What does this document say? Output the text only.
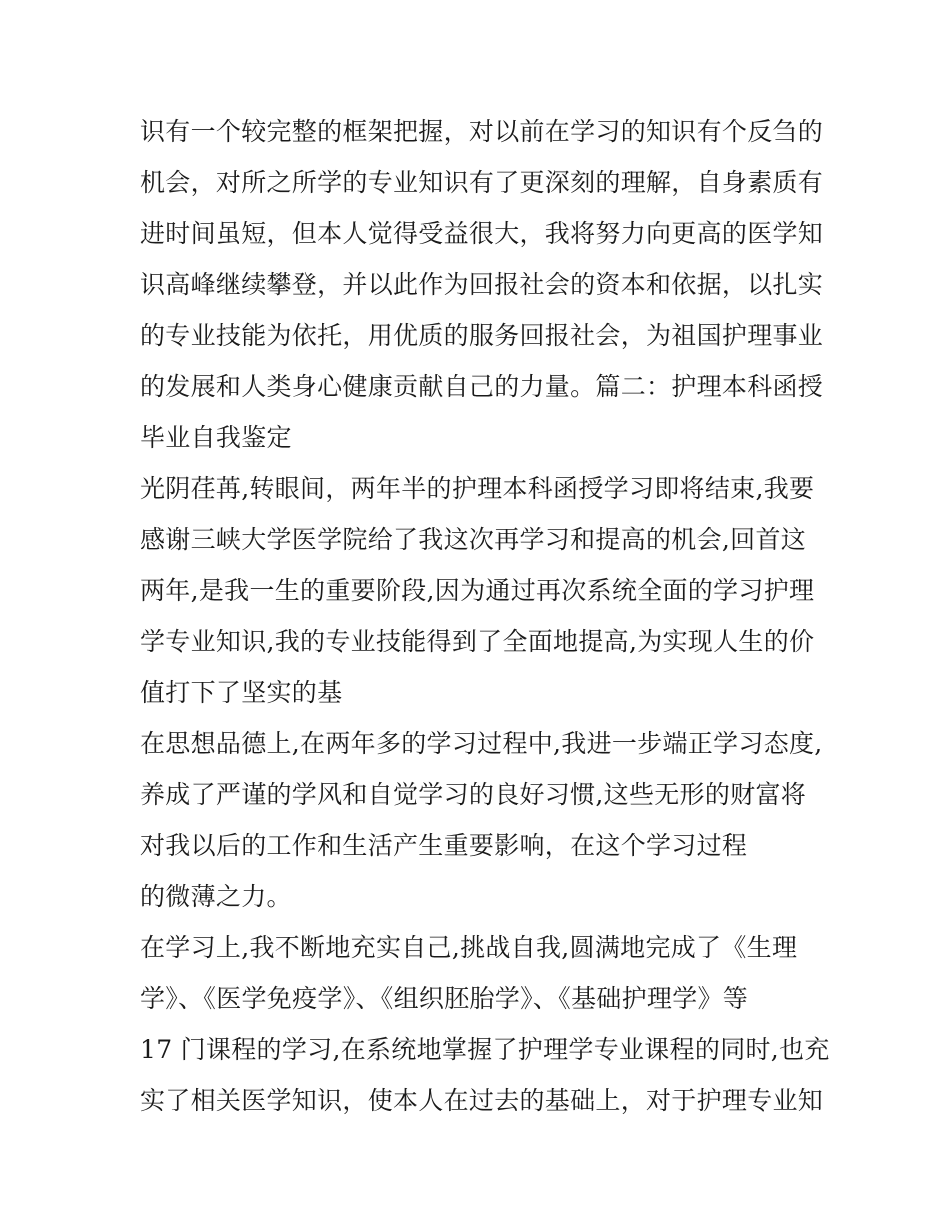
识有一个较完整的框架把握，对以前在学习的知识有个反刍的
机会，对所之所学的专业知识有了更深刻的理解，自身素质有
进时间虽短，但本人觉得受益很大，我将努力向更高的医学知
识高峰继续攀登，并以此作为回报社会的资本和依据，以扎实
的专业技能为依托，用优质的服务回报社会，为祖国护理事业
的发展和人类身心健康贡献自己的力量。篇二：护理本科函授
毕业自我鉴定
光阴荏苒,转眼间，两年半的护理本科函授学习即将结束,我要
感谢三峡大学医学院给了我这次再学习和提高的机会,回首这
两年,是我一生的重要阶段,因为通过再次系统全面的学习护理
学专业知识,我的专业技能得到了全面地提高,为实现人生的价
值打下了坚实的基
在思想品德上,在两年多的学习过程中,我进一步端正学习态度,
养成了严谨的学风和自觉学习的良好习惯,这些无形的财富将
对我以后的工作和生活产生重要影响，在这个学习过程
的微薄之力。
在学习上,我不断地充实自己,挑战自我,圆满地完成了《生理
学》、《医学免疫学》、《组织胚胎学》、《基础护理学》等
17 门课程的学习,在系统地掌握了护理学专业课程的同时,也充
实了相关医学知识，使本人在过去的基础上，对于护理专业知
